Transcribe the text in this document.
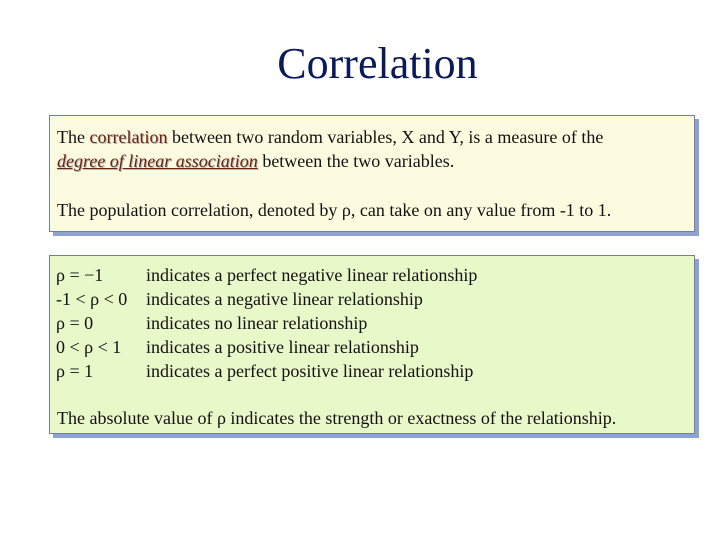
Correlation
The correlation between two random variables, X and Y, is a measure of the
degree of linear association between the two variables.
The population correlation, denoted by ρ, can take on any value from -1 to 1.
ρ = −1	indicates a perfect negative linear relationship
-1 < ρ < 0	indicates a negative linear relationship
ρ = 0	indicates no linear relationship
0 < ρ < 1	indicates a positive linear relationship
ρ = 1	indicates a perfect positive linear relationship
The absolute value of ρ indicates the strength or exactness of the relationship.
